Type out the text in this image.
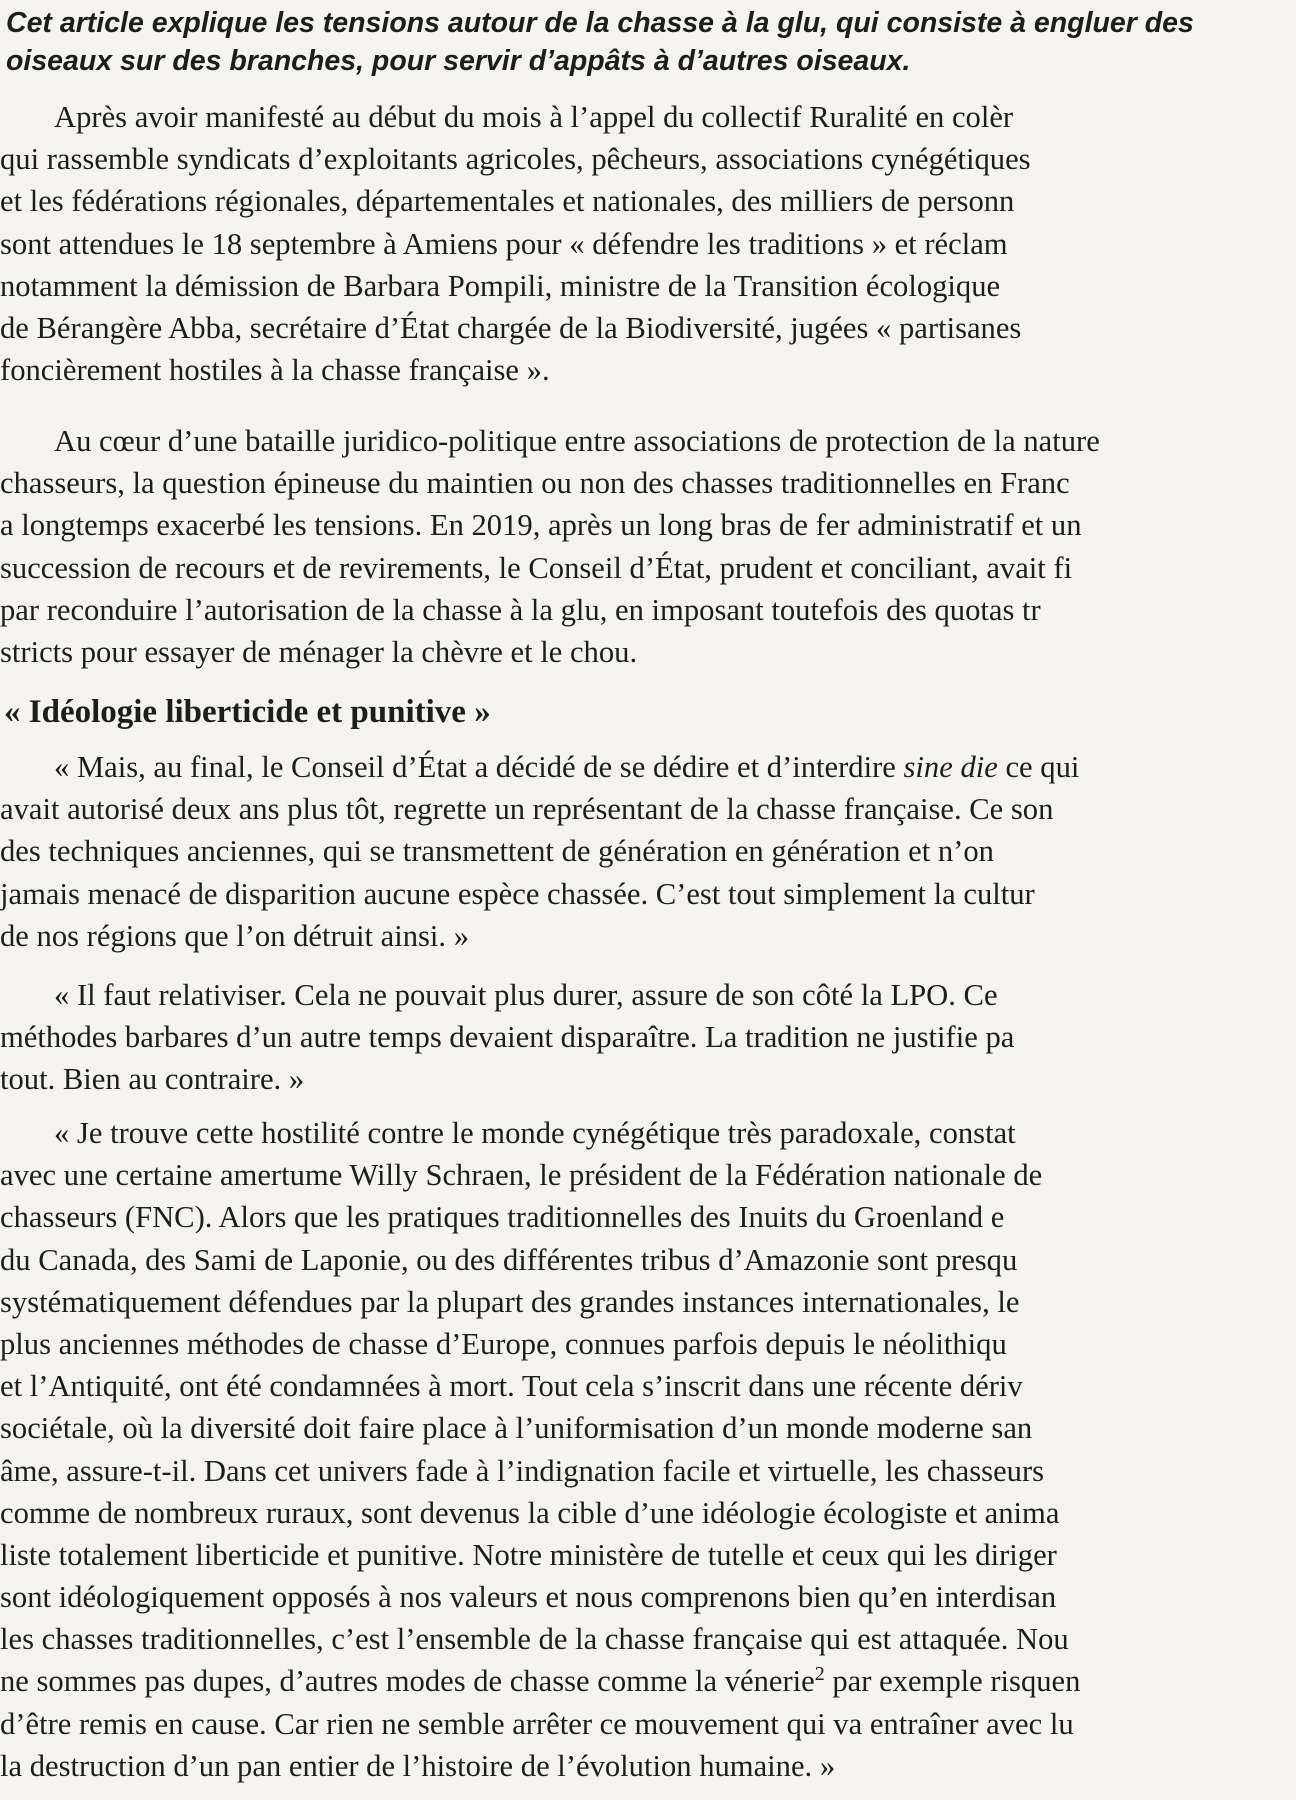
Cet article explique les tensions autour de la chasse à la glu, qui consiste à engluer des
oiseaux sur des branches, pour servir d’appâts à d’autres oiseaux.
Après avoir manifesté au début du mois à l’appel du collectif Ruralité en colèr
qui rassemble syndicats d’exploitants agricoles, pêcheurs, associations cynégétiques
et les fédérations régionales, départementales et nationales, des milliers de personn
sont attendues le 18 septembre à Amiens pour « défendre les traditions » et réclam
notamment la démission de Barbara Pompili, ministre de la Transition écologique
de Bérangère Abba, secrétaire d’État chargée de la Biodiversité, jugées « partisanes
foncièrement hostiles à la chasse française ».
Au cœur d’une bataille juridico-politique entre associations de protection de la nature
chasseurs, la question épineuse du maintien ou non des chasses traditionnelles en Franc
a longtemps exacerbé les tensions. En 2019, après un long bras de fer administratif et un
succession de recours et de revirements, le Conseil d’État, prudent et conciliant, avait fi
par reconduire l’autorisation de la chasse à la glu, en imposant toutefois des quotas tr
stricts pour essayer de ménager la chèvre et le chou.
« Idéologie liberticide et punitive »
« Mais, au final, le Conseil d’État a décidé de se dédire et d’interdire sine die ce qui
avait autorisé deux ans plus tôt, regrette un représentant de la chasse française. Ce son
des techniques anciennes, qui se transmettent de génération en génération et n’on
jamais menacé de disparition aucune espèce chassée. C’est tout simplement la cultur
de nos régions que l’on détruit ainsi. »
« Il faut relativiser. Cela ne pouvait plus durer, assure de son côté la LPO. Ce
méthodes barbares d’un autre temps devaient disparaître. La tradition ne justifie pa
tout. Bien au contraire. »
« Je trouve cette hostilité contre le monde cynégétique très paradoxale, constat
avec une certaine amertume Willy Schraen, le président de la Fédération nationale de
chasseurs (FNC). Alors que les pratiques traditionnelles des Inuits du Groenland e
du Canada, des Sami de Laponie, ou des différentes tribus d’Amazonie sont presqu
systématiquement défendues par la plupart des grandes instances internationales, le
plus anciennes méthodes de chasse d’Europe, connues parfois depuis le néolithiqu
et l’Antiquité, ont été condamnées à mort. Tout cela s’inscrit dans une récente dériv
sociétale, où la diversité doit faire place à l’uniformisation d’un monde moderne san
âme, assure-t-il. Dans cet univers fade à l’indignation facile et virtuelle, les chasseurs
comme de nombreux ruraux, sont devenus la cible d’une idéologie écologiste et anima
liste totalement liberticide et punitive. Notre ministère de tutelle et ceux qui les diriger
sont idéologiquement opposés à nos valeurs et nous comprenons bien qu’en interdisan
les chasses traditionnelles, c’est l’ensemble de la chasse française qui est attaquée. Nou
ne sommes pas dupes, d’autres modes de chasse comme la vénerie$^2$ par exemple risquen
d’être remis en cause. Car rien ne semble arrêter ce mouvement qui va entraîner avec lu
la destruction d’un pan entier de l’histoire de l’évolution humaine. »
